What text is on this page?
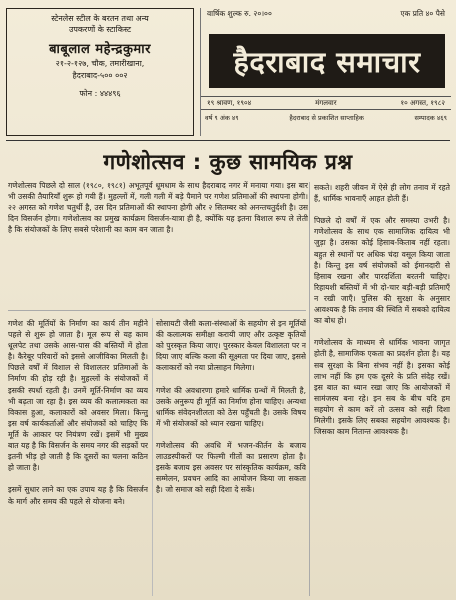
स्टेनलेस स्टील के बरतन तथा अन्य
उपकरणों के स्टाकिस्ट
बाबूलाल महेन्द्रकुमार
२१-२-१२७, चौक, तमारीखाना,
हैदराबाद-५०० ००२
फोन : ४४४९६
वार्षिक शुल्क रु. २०।००	एक प्रति ४० पैसे
हैदराबाद समाचार
१९ श्रावण, १९०४	मंगलवार	१० अगस्त, १९८२
वर्ष ९ अंक ४९	हैदराबाद से प्रकाशित साप्ताहिक	सम्पादक ४६९
गणेशोत्सव : कुछ सामयिक प्रश्न
गणेशोत्सव पिछले दो साल (१९८०, १९८१) अभूतपूर्व धूमधाम के साथ हैदराबाद नगर में मनाया गया। इस बार भी उसकी तैयारियाँ शुरू हो गयी हैं। मुहल्लों में, गली गली में बड़े पैमाने पर गणेश प्रतिमाओं की स्थापना होगी। २२ अगस्त को गणेश चतुर्थी है, उस दिन प्रतिमाओं की स्थापना होगी और २ सितम्बर को अनन्तचतुर्दशी है। उस दिन विसर्जन होगा। गणेशोत्सव का प्रमुख कार्यक्रम विसर्जन-यात्रा ही है, क्योंकि यह इतना विशाल रूप ले लेती है कि संयोजकों के लिए सबसे परेशानी का काम बन जाता है।
गणेश की मूर्तियों के निर्माण का कार्य तीन महीने पहले से शुरू हो जाता है। मूल रूप से यह काम धूलपेट तथा उसके आस-पास की बस्तियों में होता है। कैरेबूर परिवारों को इससे आजीविका मिलती है। पिछले वर्षों में विशाल से विशालतर प्रतिमाओं के निर्माण की होड़ रही है। मुहल्लों के संयोजकों में इसकी स्पर्धा रहती है। उनमें मूर्ति-निर्माण का व्यय भी बढ़ता जा रहा है। इस व्यय की कलात्मकता का विकास हुआ, कलाकारों को अवसर मिला। किन्तु इस वर्ष कार्यकर्ताओं और संयोजकों को चाहिए कि मूर्ति के आकार पर नियंत्रण रखें। इसमें भी मुख्य बात यह है कि विसर्जन के समय नगर की सड़कों पर इतनी भीड़ हो जाती है कि दूसरों का चलना कठिन हो जाता है।

इसमें सुधार लाने का एक उपाय यह है कि विसर्जन के मार्ग और समय की पहले से योजना बने।
सोसायटी जैसी कला-संस्थाओं के सहयोग से इन मूर्तियों की कलात्मक समीक्षा करायी जाए और उत्कृष्ट कृतियों को पुरस्कृत किया जाए। पुरस्कार केवल विशालता पर न दिया जाए बल्कि कला की सूक्ष्मता पर दिया जाए, इससे कलाकारों को नया प्रोत्साहन मिलेगा।

गणेश की अवधारणा हमारे धार्मिक ग्रन्थों में मिलती है, उसके अनुरूप ही मूर्ति का निर्माण होना चाहिए। अन्यथा धार्मिक संवेदनशीलता को ठेस पहुँचती है। उसके विषय में भी संयोजकों को ध्यान रखना चाहिए।

गणेशोत्सव की अवधि में भजन-कीर्तन के बजाय लाउडस्पीकरों पर फिल्मी गीतों का प्रसारण होता है। इसके बजाय इस अवसर पर सांस्कृतिक कार्यक्रम, कवि सम्मेलन, प्रवचन आदि का आयोजन किया जा सकता है। जो समाज को सही दिशा दे सकें।
सकते। शहरी जीवन में ऐसे ही लोग तनाव में रहते हैं, धार्मिक भावनाएँ आहत होती हैं।

पिछले दो वर्षों में एक और समस्या उभरी है। गणेशोत्सव के साथ एक सामाजिक दायित्व भी जुड़ा है। उसका कोई हिसाब-किताब नहीं रहता। बहुत से स्थानों पर अधिक चंदा वसूल किया जाता है। किन्तु इस वर्ष संयोजकों को ईमानदारी से हिसाब रखना और पारदर्शिता बरतनी चाहिए। रिहायशी बस्तियों में भी दो-चार बड़ी-बड़ी प्रतिमाएँ न रखी जाएँ। पुलिस की सुरक्षा के अनुसार आवश्यक है कि तनाव की स्थिति में सबको दायित्व का बोध हो।

गणेशोत्सव के माध्यम से धार्मिक भावना जागृत होती है, सामाजिक एकता का प्रदर्शन होता है। यह सब सुरक्षा के बिना संभव नहीं है। इसका कोई लाभ नहीं कि हम एक दूसरे के प्रति संदेह रखें। इस बात का ध्यान रखा जाए कि आयोजकों में सामंजस्य बना रहे। इन सब के बीच यदि हम सहयोग से काम करें तो उत्सव को सही दिशा मिलेगी। इसके लिए सबका सहयोग आवश्यक है। जिसका काम नितान्त आवश्यक है।
